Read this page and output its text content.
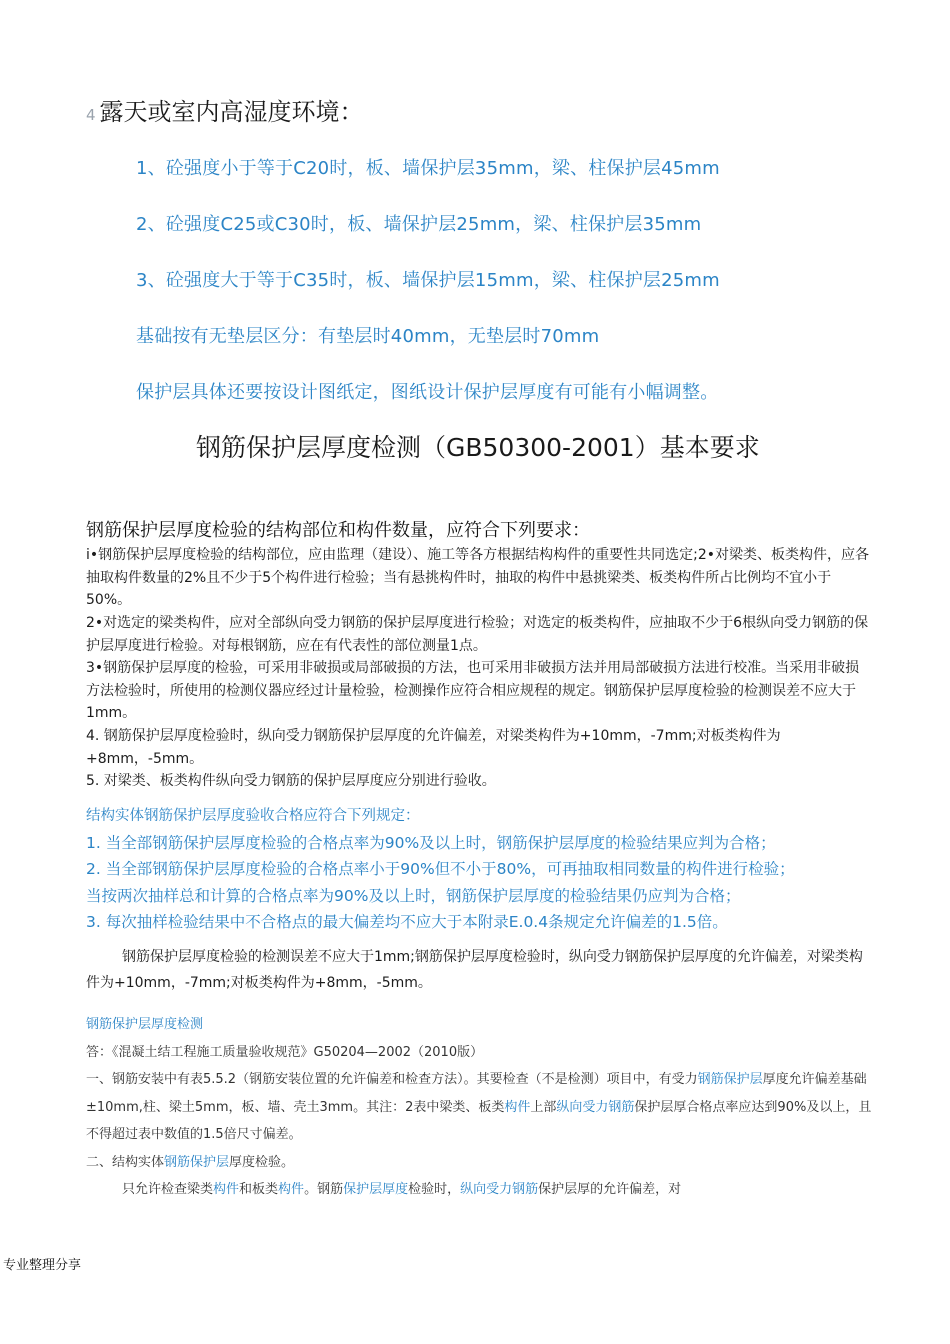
4 露天或室内高湿度环境：
1、砼强度小于等于C20时，板、墙保护层35mm，梁、柱保护层45mm
2、砼强度C25或C30时，板、墙保护层25mm，梁、柱保护层35mm
3、砼强度大于等于C35时，板、墙保护层15mm，梁、柱保护层25mm
基础按有无垫层区分：有垫层时40mm，无垫层时70mm
保护层具体还要按设计图纸定，图纸设计保护层厚度有可能有小幅调整。
钢筋保护层厚度检测（GB50300-2001）基本要求
钢筋保护层厚度检验的结构部位和构件数量，应符合下列要求：
i•钢筋保护层厚度检验的结构部位，应由监理（建设）、施工等各方根据结构构件的重要性共同选定;2•对梁类、板类构件，应各抽取构件数量的2%且不少于5个构件进行检验；当有悬挑构件时，抽取的构件中悬挑梁类、板类构件所占比例均不宜小于50%。
2•对选定的梁类构件，应对全部纵向受力钢筋的保护层厚度进行检验；对选定的板类构件，应抽取不少于6根纵向受力钢筋的保护层厚度进行检验。对每根钢筋，应在有代表性的部位测量1点。
3•钢筋保护层厚度的检验，可采用非破损或局部破损的方法，也可采用非破损方法并用局部破损方法进行校准。当采用非破损方法检验时，所使用的检测仪器应经过计量检验，检测操作应符合相应规程的规定。钢筋保护层厚度检验的检测误差不应大于1mm。
4. 钢筋保护层厚度检验时，纵向受力钢筋保护层厚度的允许偏差，对梁类构件为+10mm，-7mm;对板类构件为+8mm，-5mm。
5. 对梁类、板类构件纵向受力钢筋的保护层厚度应分别进行验收。
结构实体钢筋保护层厚度验收合格应符合下列规定：
1. 当全部钢筋保护层厚度检验的合格点率为90%及以上时，钢筋保护层厚度的检验结果应判为合格；
2. 当全部钢筋保护层厚度检验的合格点率小于90%但不小于80%，可再抽取相同数量的构件进行检验；
当按两次抽样总和计算的合格点率为90%及以上时，钢筋保护层厚度的检验结果仍应判为合格；
3. 每次抽样检验结果中不合格点的最大偏差均不应大于本附录E.0.4条规定允许偏差的1.5倍。
钢筋保护层厚度检验的检测误差不应大于1mm;钢筋保护层厚度检验时，纵向受力钢筋保护层厚度的允许偏差，对梁类构件为+10mm，-7mm;对板类构件为+8mm，-5mm。
钢筋保护层厚度检测
答：《混凝土结工程施工质量验收规范》G50204—2002（2010版）
一、钢筋安装中有表5.5.2（钢筋安装位置的允许偏差和检查方法）。其要检查（不是检测）项目中，有受力钢筋保护层厚度允许偏差基础±10mm,柱、梁土5mm，板、墙、壳土3mm。其注：2表中梁类、板类构件上部纵向受力钢筋保护层厚合格点率应达到90%及以上，且不得超过表中数值的1.5倍尺寸偏差。
二、结构实体钢筋保护层厚度检验。
只允许检查梁类构件和板类构件。钢筋保护层厚度检验时，纵向受力钢筋保护层厚的允许偏差，对
专业整理分享
